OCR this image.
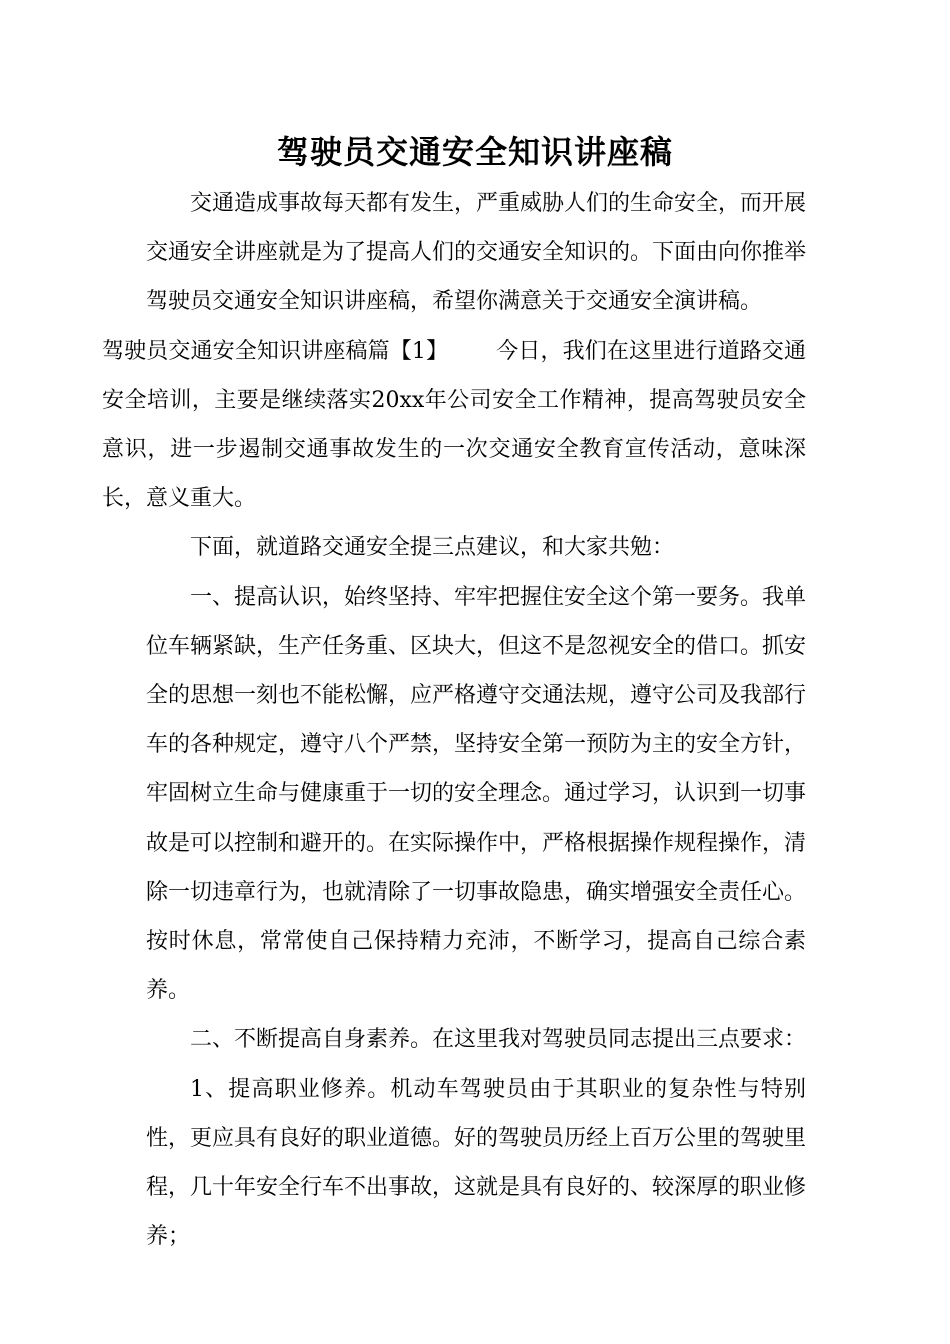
驾驶员交通安全知识讲座稿

交通造成事故每天都有发生，严重威胁人们的生命安全，而开展交通安全讲座就是为了提高人们的交通安全知识的。下面由向你推举驾驶员交通安全知识讲座稿，希望你满意关于交通安全演讲稿。
驾驶员交通安全知识讲座稿篇【1】 今日，我们在这里进行道路交通安全培训，主要是继续落实20xx年公司安全工作精神，提高驾驶员安全意识，进一步遏制交通事故发生的一次交通安全教育宣传活动，意味深长，意义重大。

下面，就道路交通安全提三点建议，和大家共勉：

一、提高认识，始终坚持、牢牢把握住安全这个第一要务。我单位车辆紧缺，生产任务重、区块大，但这不是忽视安全的借口。抓安全的思想一刻也不能松懈，应严格遵守交通法规，遵守公司及我部行车的各种规定，遵守八个严禁，坚持安全第一预防为主的安全方针，牢固树立生命与健康重于一切的安全理念。通过学习，认识到一切事故是可以控制和避开的。在实际操作中，严格根据操作规程操作，清除一切违章行为，也就清除了一切事故隐患，确实增强安全责任心。按时休息，常常使自己保持精力充沛，不断学习，提高自己综合素养。

二、不断提高自身素养。在这里我对驾驶员同志提出三点要求：

1、提高职业修养。机动车驾驶员由于其职业的复杂性与特别性，更应具有良好的职业道德。好的驾驶员历经上百万公里的驾驶里程，几十年安全行车不出事故，这就是具有良好的、较深厚的职业修养；
